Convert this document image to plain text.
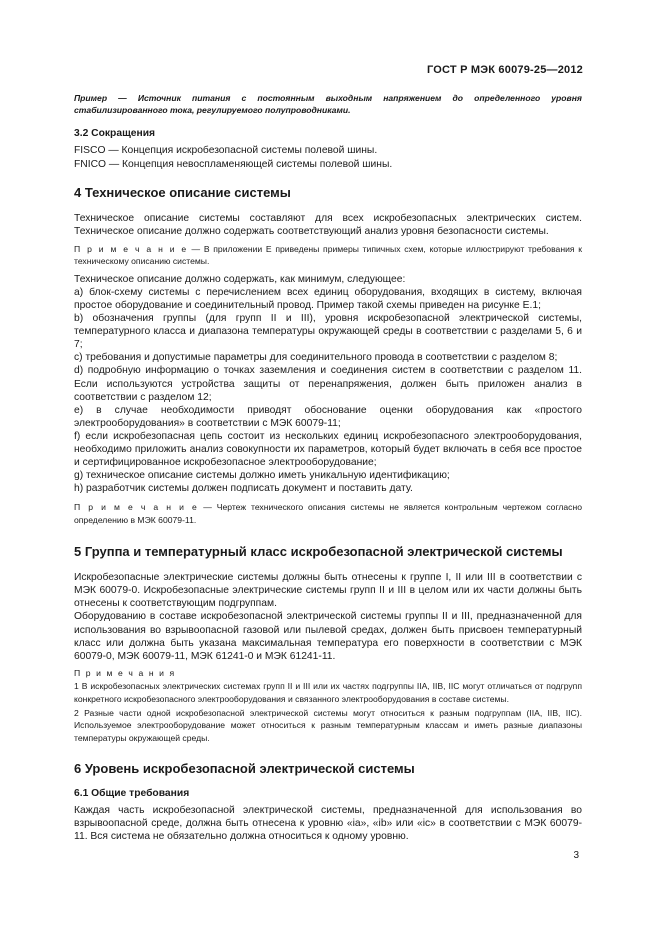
ГОСТ Р МЭК 60079-25—2012

Пример — Источник питания с постоянным выходным напряжением до определенного уровня стабилизированного тока, регулируемого полупроводниками.

3.2 Сокращения

FISCO — Концепция искробезопасной системы полевой шины.

FNICO — Концепция невоспламеняющей системы полевой шины.

4 Техническое описание системы

Техническое описание системы составляют для всех искробезопасных электрических систем. Техническое описание должно содержать соответствующий анализ уровня безопасности системы.

П р и м е ч а н и е — В приложении Е приведены примеры типичных схем, которые иллюстрируют требования к техническому описанию системы.

Техническое описание должно содержать, как минимум, следующее:

a) блок-схему системы с перечислением всех единиц оборудования, входящих в систему, включая простое оборудование и соединительный провод. Пример такой схемы приведен на рисунке Е.1;

b) обозначения группы (для групп II и III), уровня искробезопасной электрической системы, температурного класса и диапазона температуры окружающей среды в соответствии с разделами 5, 6 и 7;

c) требования и допустимые параметры для соединительного провода в соответствии с разделом 8;

d) подробную информацию о точках заземления и соединения систем в соответствии с разделом 11. Если используются устройства защиты от перенапряжения, должен быть приложен анализ в соответствии с разделом 12;

e) в случае необходимости приводят обоснование оценки оборудования как «простого электрооборудования» в соответствии с МЭК 60079-11;

f) если искробезопасная цепь состоит из нескольких единиц искробезопасного электрооборудования, необходимо приложить анализ совокупности их параметров, который будет включать в себя все простое и сертифицированное искробезопасное электрооборудование;

g) техническое описание системы должно иметь уникальную идентификацию;

h) разработчик системы должен подписать документ и поставить дату.

П р и м е ч а н и е — Чертеж технического описания системы не является контрольным чертежом согласно определению в МЭК 60079-11.

5 Группа и температурный класс искробезопасной электрической системы

Искробезопасные электрические системы должны быть отнесены к группе I, II или III в соответствии с МЭК 60079-0. Искробезопасные электрические системы групп II и III в целом или их части должны быть отнесены к соответствующим подгруппам.

Оборудованию в составе искробезопасной электрической системы группы II и III, предназначенной для использования во взрывоопасной газовой или пылевой средах, должен быть присвоен температурный класс или должна быть указана максимальная температура его поверхности в соответствии с МЭК 60079-0, МЭК 60079-11, МЭК 61241-0 и МЭК 61241-11.

П р и м е ч а н и я

1 В искробезопасных электрических системах групп II и III или их частях подгруппы IIA, IIB, IIC могут отличаться от подгрупп конкретного искробезопасного электрооборудования и связанного электрооборудования в составе системы.

2 Разные части одной искробезопасной электрической системы могут относиться к разным подгруппам (IIA, IIB, IIC). Используемое электрооборудование может относиться к разным температурным классам и иметь разные диапазоны температуры окружающей среды.

6 Уровень искробезопасной электрической системы

6.1 Общие требования

Каждая часть искробезопасной электрической системы, предназначенной для использования во взрывоопасной среде, должна быть отнесена к уровню «ia», «ib» или «ic» в соответствии с МЭК 60079-11. Вся система не обязательно должна относиться к одному уровню.

3
